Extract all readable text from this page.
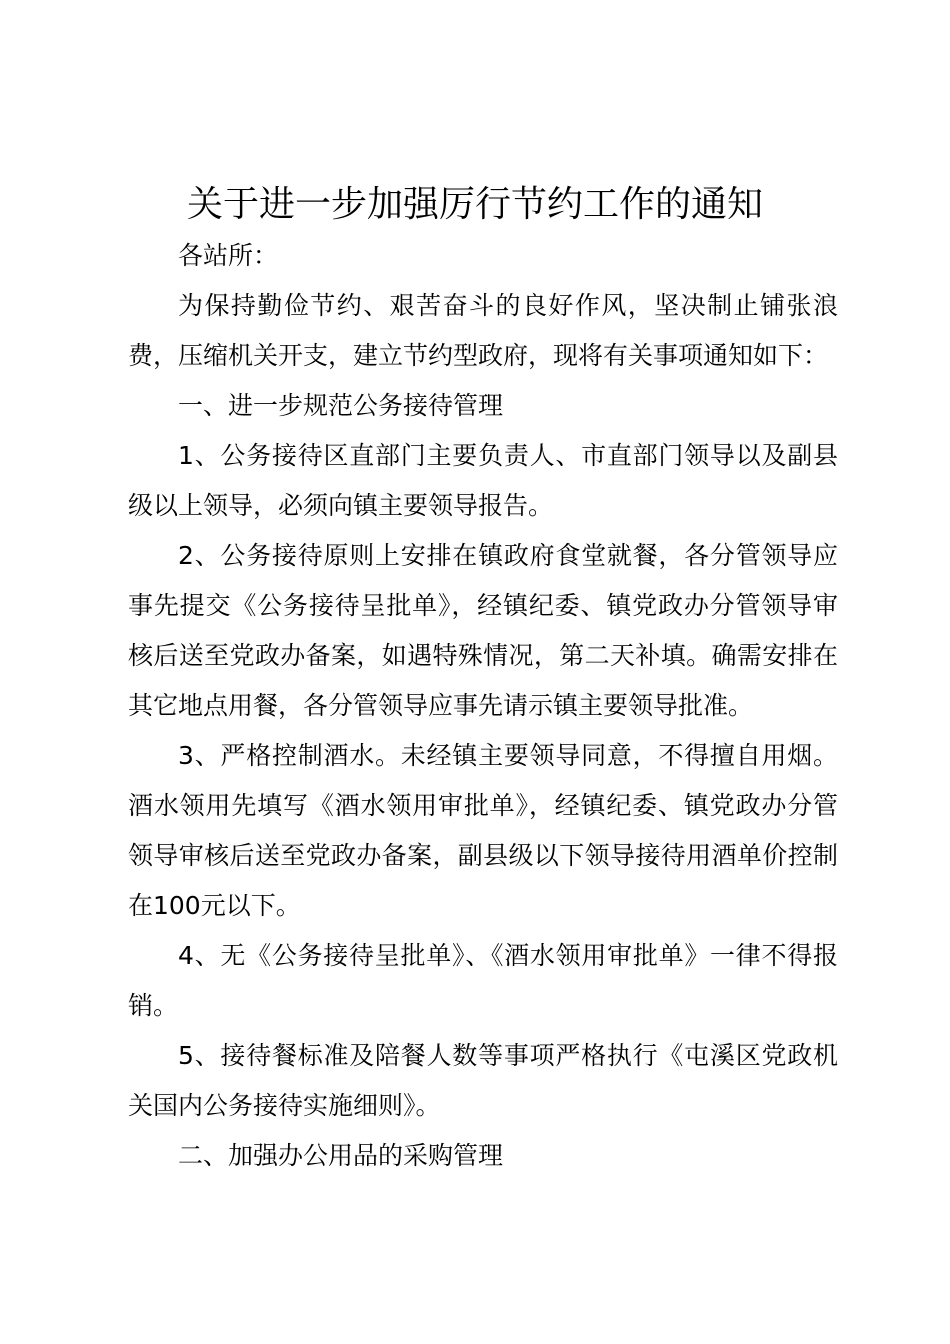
关于进一步加强厉行节约工作的通知

各站所：

为保持勤俭节约、艰苦奋斗的良好作风，坚决制止铺张浪费，压缩机关开支，建立节约型政府，现将有关事项通知如下：

一、进一步规范公务接待管理

1、公务接待区直部门主要负责人、市直部门领导以及副县级以上领导，必须向镇主要领导报告。

2、公务接待原则上安排在镇政府食堂就餐，各分管领导应事先提交《公务接待呈批单》，经镇纪委、镇党政办分管领导审核后送至党政办备案，如遇特殊情况，第二天补填。确需安排在其它地点用餐，各分管领导应事先请示镇主要领导批准。

3、严格控制酒水。未经镇主要领导同意，不得擅自用烟。酒水领用先填写《酒水领用审批单》，经镇纪委、镇党政办分管领导审核后送至党政办备案，副县级以下领导接待用酒单价控制在100元以下。

4、无《公务接待呈批单》、《酒水领用审批单》一律不得报销。

5、接待餐标准及陪餐人数等事项严格执行《屯溪区党政机关国内公务接待实施细则》。

二、加强办公用品的采购管理
